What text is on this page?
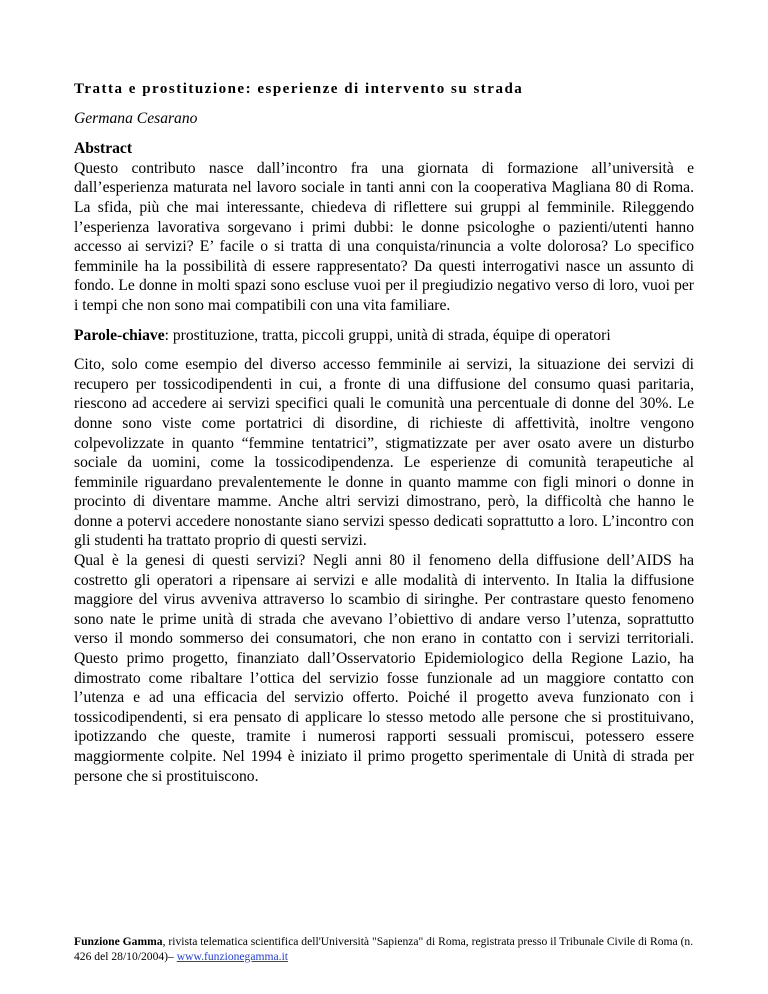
Tratta e prostituzione: esperienze di intervento su strada
Germana Cesarano
Abstract

Questo contributo nasce dall’incontro fra una giornata di formazione all’università e dall’esperienza maturata nel lavoro sociale in tanti anni con la cooperativa Magliana 80 di Roma. La sfida, più che mai interessante, chiedeva di riflettere sui gruppi al femminile. Rileggendo l’esperienza lavorativa sorgevano i primi dubbi: le donne psicologhe o pazienti/utenti hanno accesso ai servizi? E’ facile o si tratta di una conquista/rinuncia a volte dolorosa? Lo specifico femminile ha la possibilità di essere rappresentato? Da questi interrogativi nasce un assunto di fondo. Le donne in molti spazi sono escluse vuoi per il pregiudizio negativo verso di loro, vuoi per i tempi che non sono mai compatibili con una vita familiare.

Parole-chiave: prostituzione, tratta, piccoli gruppi, unità di strada, équipe di operatori

Cito, solo come esempio del diverso accesso femminile ai servizi, la situazione dei servizi di recupero per tossicodipendenti in cui, a fronte di una diffusione del consumo quasi paritaria, riescono ad accedere ai servizi specifici quali le comunità una percentuale di donne del 30%. Le donne sono viste come portatrici di disordine, di richieste di affettività, inoltre vengono colpevolizzate in quanto “femmine tentatrici”, stigmatizzate per aver osato avere un disturbo sociale da uomini, come la tossicodipendenza. Le esperienze di comunità terapeutiche al femminile riguardano prevalentemente le donne in quanto mamme con figli minori o donne in procinto di diventare mamme. Anche altri servizi dimostrano, però, la difficoltà che hanno le donne a potervi accedere nonostante siano servizi spesso dedicati soprattutto a loro. L’incontro con gli studenti ha trattato proprio di questi servizi.

Qual è la genesi di questi servizi? Negli anni 80 il fenomeno della diffusione dell’AIDS ha costretto gli operatori a ripensare ai servizi e alle modalità di intervento. In Italia la diffusione maggiore del virus avveniva attraverso lo scambio di siringhe. Per contrastare questo fenomeno sono nate le prime unità di strada che avevano l’obiettivo di andare verso l’utenza, soprattutto verso il mondo sommerso dei consumatori, che non erano in contatto con i servizi territoriali. Questo primo progetto, finanziato dall’Osservatorio Epidemiologico della Regione Lazio, ha dimostrato come ribaltare l’ottica del servizio fosse funzionale ad un maggiore contatto con l’utenza e ad una efficacia del servizio offerto. Poiché il progetto aveva funzionato con i tossicodipendenti, si era pensato di applicare lo stesso metodo alle persone che si prostituivano, ipotizzando che queste, tramite i numerosi rapporti sessuali promiscui, potessero essere maggiormente colpite. Nel 1994 è iniziato il primo progetto sperimentale di Unità di strada per persone che si prostituiscono.

Funzione Gamma, rivista telematica scientifica dell'Università "Sapienza" di Roma, registrata presso il Tribunale Civile di Roma (n. 426 del 28/10/2004)– www.funzionegamma.it
